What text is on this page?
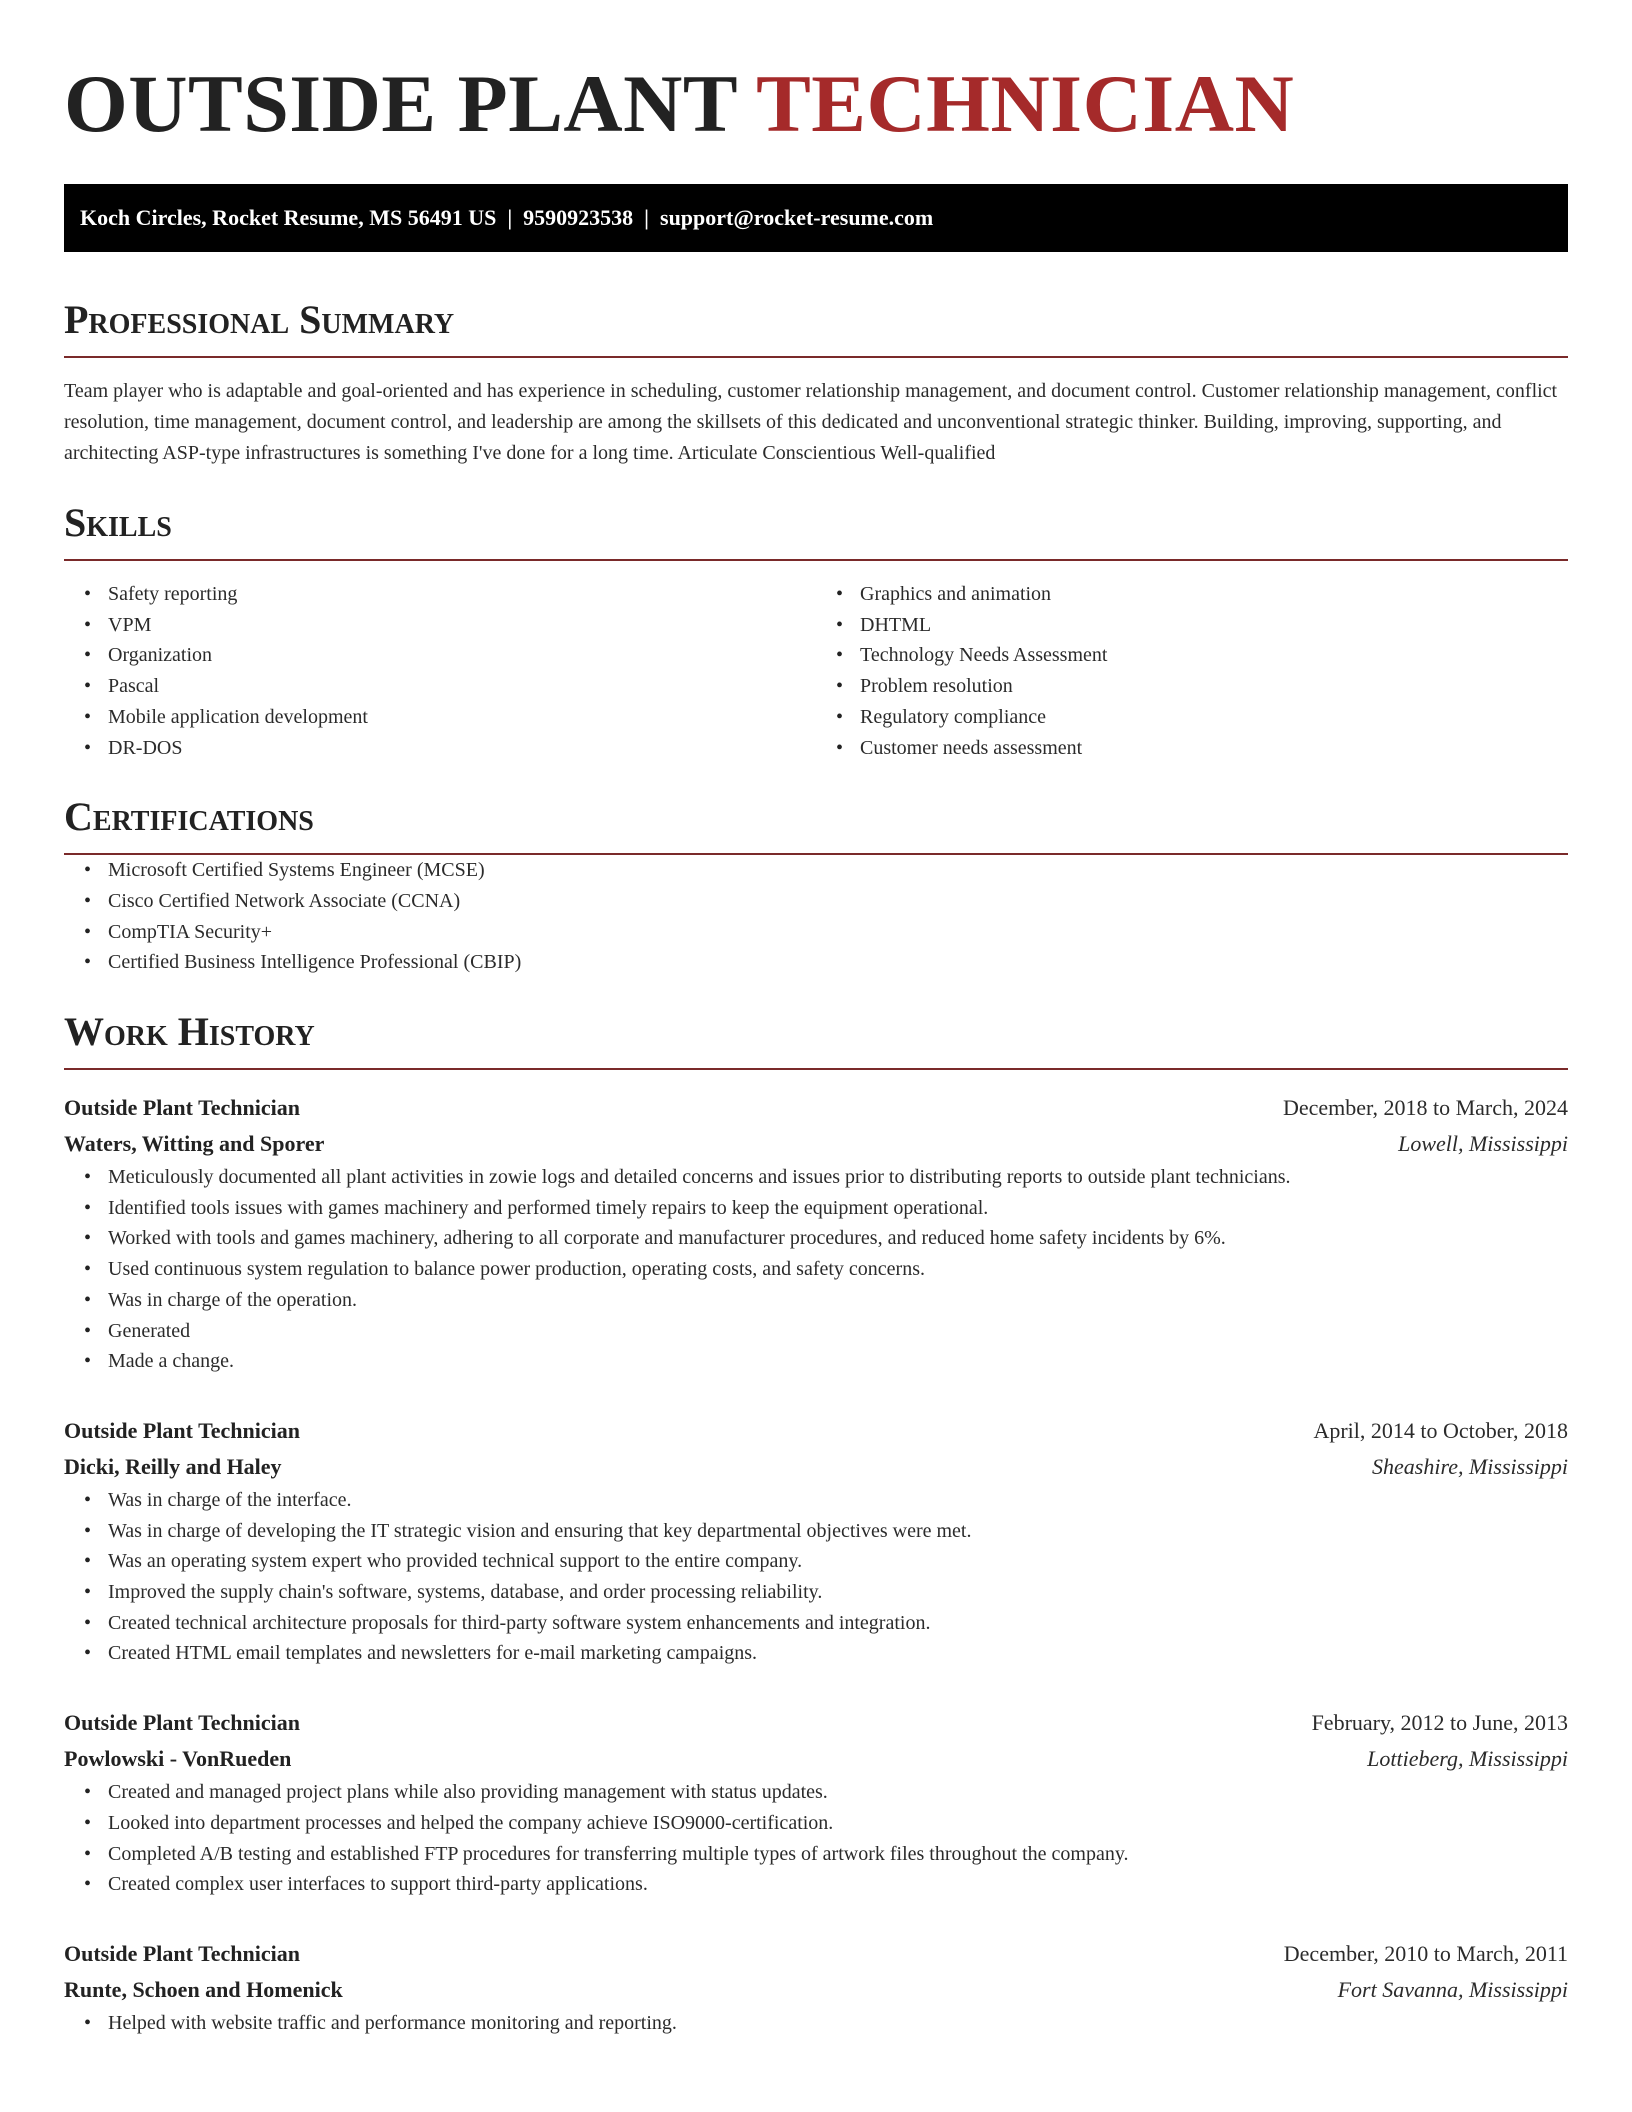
OUTSIDE PLANT TECHNICIAN
Koch Circles, Rocket Resume, MS 56491 US  |  9590923538  |  support@rocket-resume.com
Professional Summary

Team player who is adaptable and goal-oriented and has experience in scheduling, customer relationship management, and document control. Customer relationship management, conflict resolution, time management, document control, and leadership are among the skillsets of this dedicated and unconventional strategic thinker. Building, improving, supporting, and architecting ASP-type infrastructures is something I've done for a long time. Articulate Conscientious Well-qualified

Skills
• Safety reporting
• VPM
• Organization
• Pascal
• Mobile application development
• DR-DOS
• Graphics and animation
• DHTML
• Technology Needs Assessment
• Problem resolution
• Regulatory compliance
• Customer needs assessment
Certifications
• Microsoft Certified Systems Engineer (MCSE)
• Cisco Certified Network Associate (CCNA)
• CompTIA Security+
• Certified Business Intelligence Professional (CBIP)
Work History
Outside Plant Technician	December, 2018 to March, 2024
Waters, Witting and Sporer	Lowell, Mississippi
• Meticulously documented all plant activities in zowie logs and detailed concerns and issues prior to distributing reports to outside plant technicians.
• Identified tools issues with games machinery and performed timely repairs to keep the equipment operational.
• Worked with tools and games machinery, adhering to all corporate and manufacturer procedures, and reduced home safety incidents by 6%.
• Used continuous system regulation to balance power production, operating costs, and safety concerns.
• Was in charge of the operation.
• Generated
• Made a change.
Outside Plant Technician	April, 2014 to October, 2018
Dicki, Reilly and Haley	Sheashire, Mississippi
• Was in charge of the interface.
• Was in charge of developing the IT strategic vision and ensuring that key departmental objectives were met.
• Was an operating system expert who provided technical support to the entire company.
• Improved the supply chain's software, systems, database, and order processing reliability.
• Created technical architecture proposals for third-party software system enhancements and integration.
• Created HTML email templates and newsletters for e-mail marketing campaigns.
Outside Plant Technician	February, 2012 to June, 2013
Powlowski - VonRueden	Lottieberg, Mississippi
• Created and managed project plans while also providing management with status updates.
• Looked into department processes and helped the company achieve ISO9000-certification.
• Completed A/B testing and established FTP procedures for transferring multiple types of artwork files throughout the company.
• Created complex user interfaces to support third-party applications.
Outside Plant Technician	December, 2010 to March, 2011
Runte, Schoen and Homenick	Fort Savanna, Mississippi
• Helped with website traffic and performance monitoring and reporting.
